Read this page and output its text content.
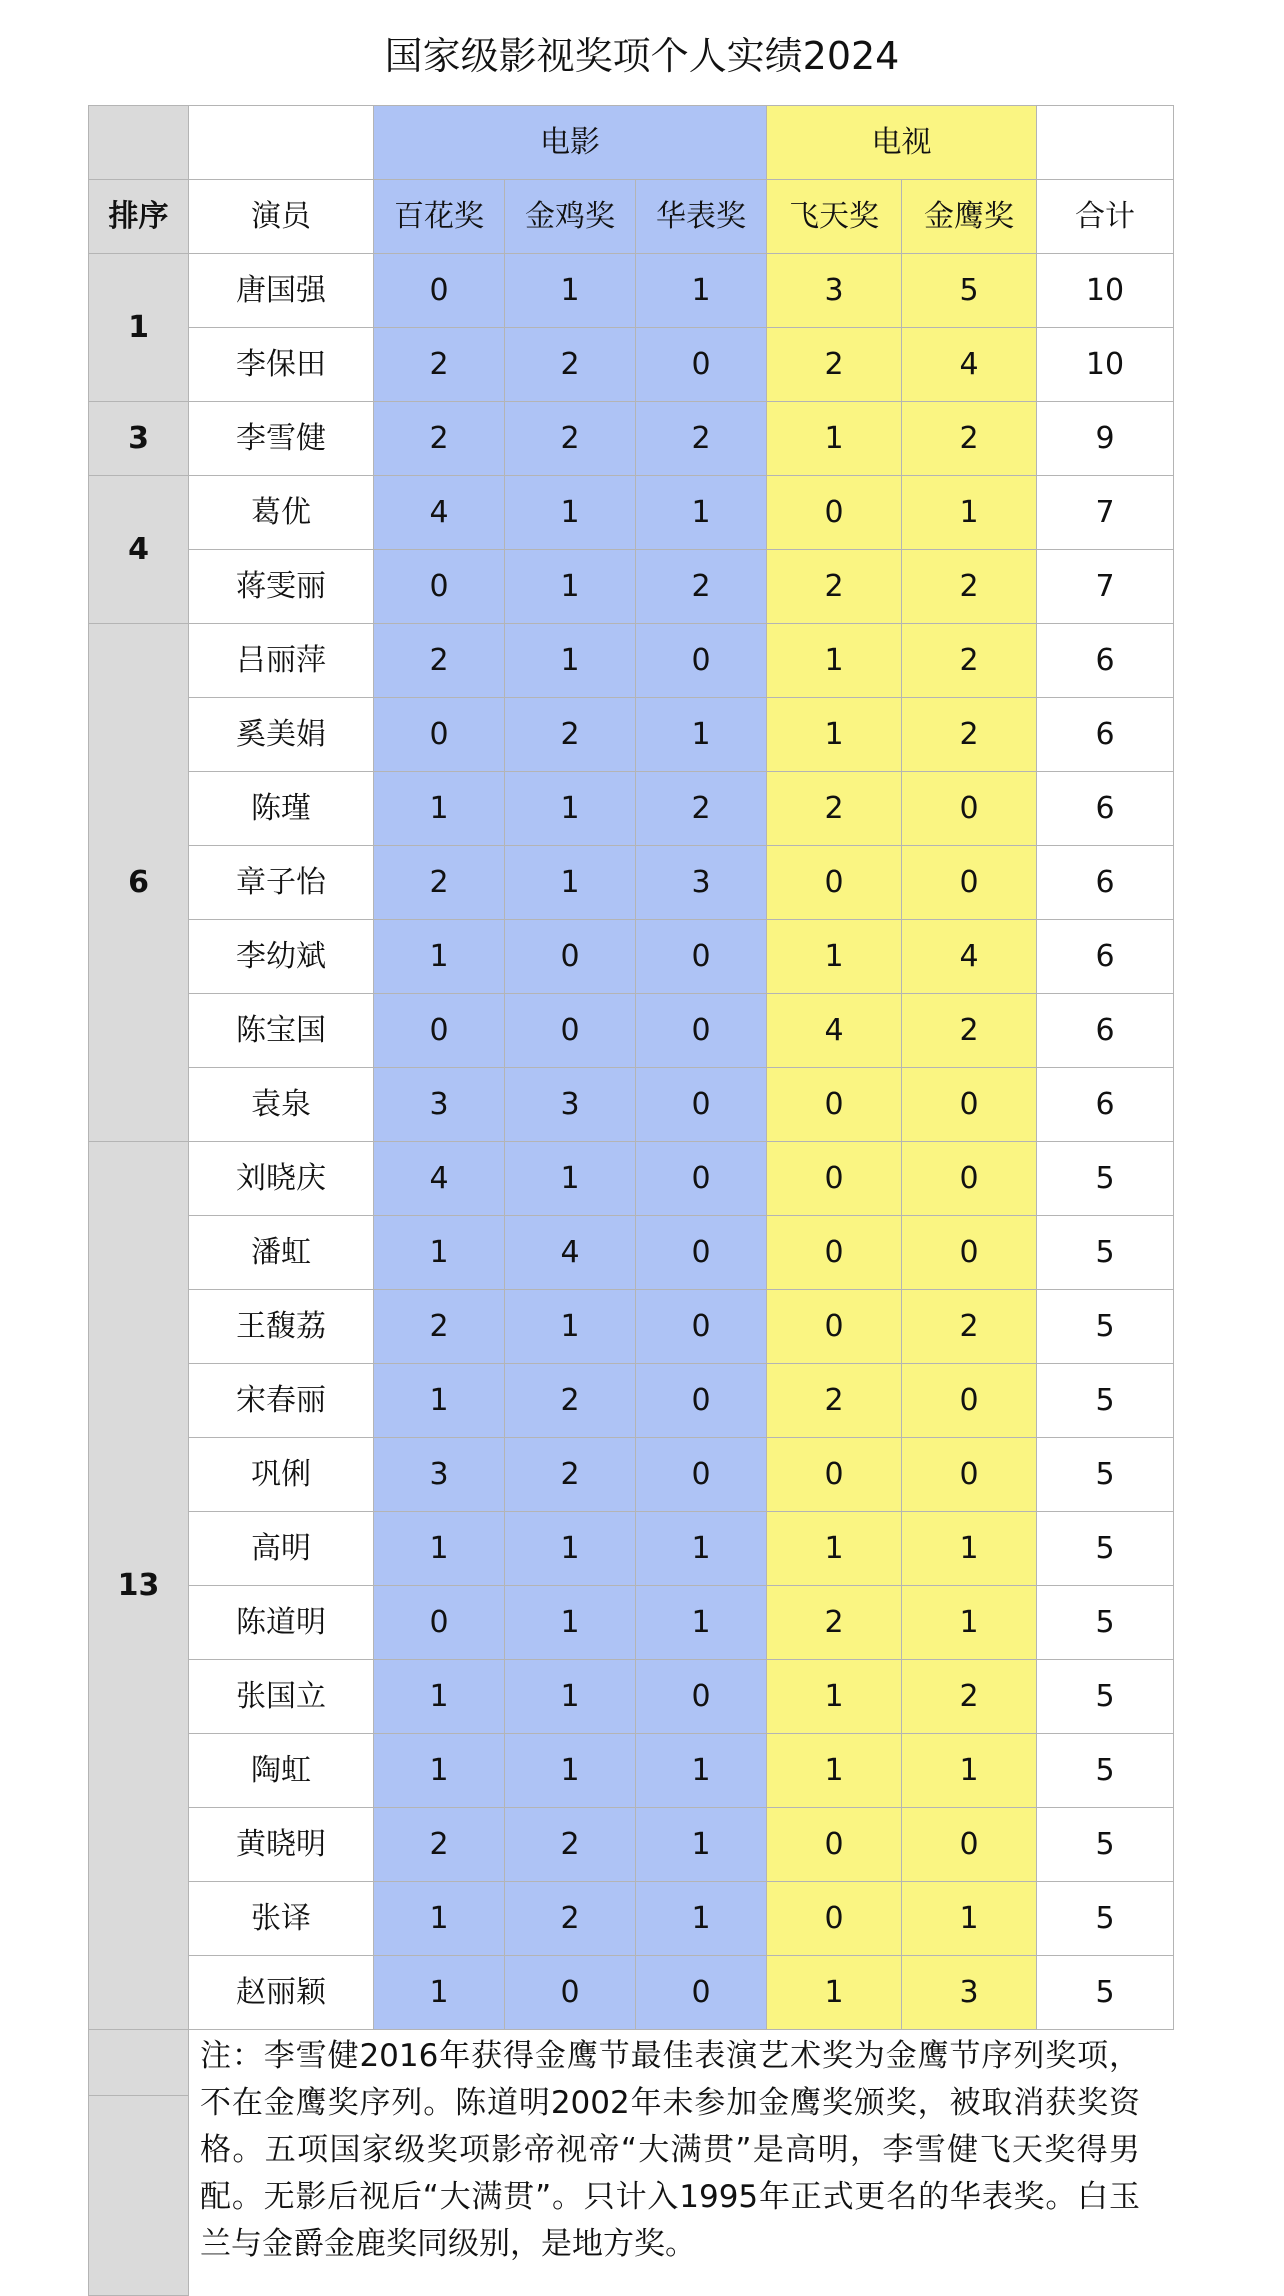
国家级影视奖项个人实绩2024
		电影			电视		
排序	演员	百花奖	金鸡奖	华表奖	飞天奖	金鹰奖	合计
1	唐国强	0	1	1	3	5	10
	李保田	2	2	0	2	4	10
3	李雪健	2	2	2	1	2	9
4	葛优	4	1	1	0	1	7
	蒋雯丽	0	1	2	2	2	7
6	吕丽萍	2	1	0	1	2	6
	奚美娟	0	2	1	1	2	6
	陈瑾	1	1	2	2	0	6
	章子怡	2	1	3	0	0	6
	李幼斌	1	0	0	1	4	6
	陈宝国	0	0	0	4	2	6
	袁泉	3	3	0	0	0	6
13	刘晓庆	4	1	0	0	0	5
	潘虹	1	4	0	0	0	5
	王馥荔	2	1	0	0	2	5
	宋春丽	1	2	0	2	0	5
	巩俐	3	2	0	0	0	5
	高明	1	1	1	1	1	5
	陈道明	0	1	1	2	1	5
	张国立	1	1	0	1	2	5
	陶虹	1	1	1	1	1	5
	黄晓明	2	2	1	0	0	5
	张译	1	2	1	0	1	5
	赵丽颖	1	0	0	1	3	5

注：李雪健2016年获得金鹰节最佳表演艺术奖为金鹰节序列奖项，不在金鹰奖序列。陈道明2002年未参加金鹰奖颁奖，被取消获奖资格。五项国家级奖项影帝视帝“大满贯”是高明，李雪健飞天奖得男配。无影后视后“大满贯”。只计入1995年正式更名的华表奖。白玉兰与金爵金鹿奖同级别，是地方奖。
